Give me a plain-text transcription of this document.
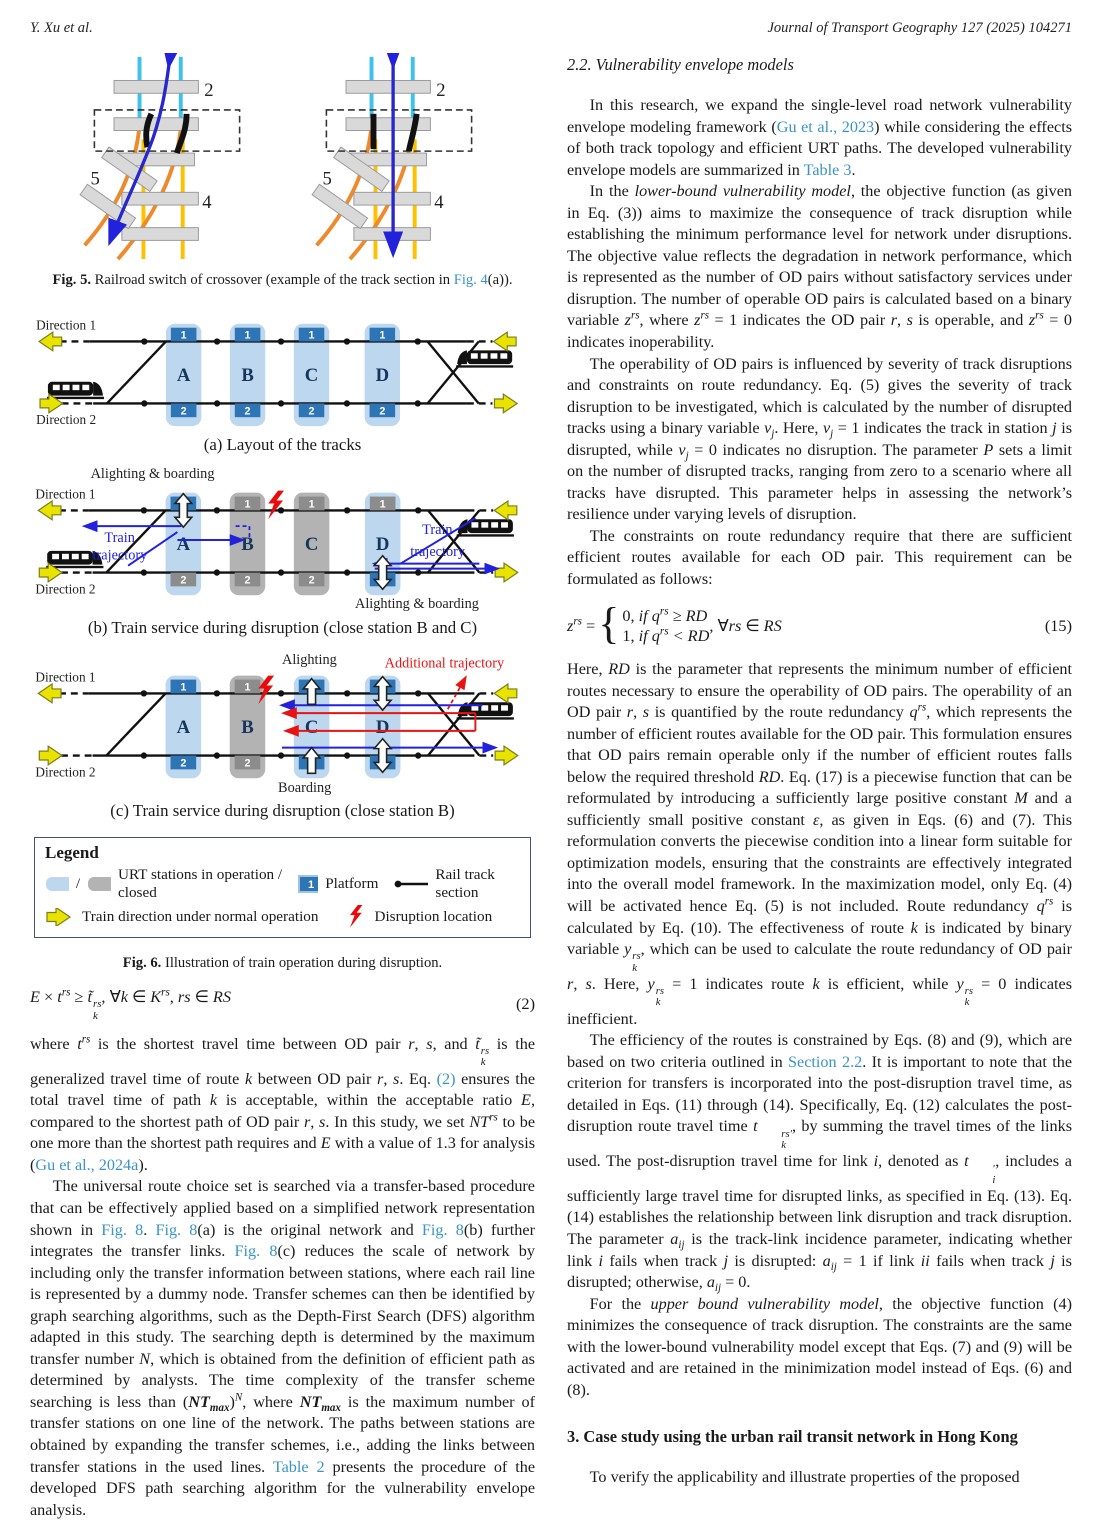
Y. Xu et al.	Journal of Transport Geography 127 (2025) 104271
2
5
4
2
5
4
Fig. 5. Railroad switch of crossover (example of the track section in Fig. 4(a)).
1	1	1	1
2	2	2	2
A	B	C	D
Direction 1
Direction 2
(a) Layout of the tracks
1	1	1
2	2	2
A	B	C	D
Alighting & boarding
Alighting & boarding
Train
trajectory
Train
trajectory
Direction 1
Direction 2
(b) Train service during disruption (close station B and C)
1	1
2	2
A	B	C	D
Alighting
Boarding
Additional trajectory
Direction 1
Direction 2
(c) Train service during disruption (close station B)
Legend
/
URT stations in operation / closed	1 Platform
Rail track section
Train direction under normal operation	Disruption location
Fig. 6. Illustration of train operation during disruption.
$E \times t^{rs}$ ≥ t̃ rs
k
, ∀k ∈ $K^{rs}$, rs ∈ RS	(2)

where $t^{rs}$ is the shortest travel time between OD pair r, s, and t̃ rs
k
is the generalized travel time of route k between OD pair r, s. Eq. (2) ensures the total travel time of path k is acceptable, within the acceptable ratio E, compared to the shortest path of OD pair r, s. In this study, we set $NT^{rs}$ to be one more than the shortest path requires and E with a value of 1.3 for analysis (Gu et al., 2024a).

The universal route choice set is searched via a transfer-based procedure that can be effectively applied based on a simplified network representation shown in Fig. 8. Fig. 8(a) is the original network and Fig. 8(b) further integrates the transfer links. Fig. 8(c) reduces the scale of network by including only the transfer information between stations, where each rail line is represented by a dummy node. Transfer schemes can then be identified by graph searching algorithms, such as the Depth-First Search (DFS) algorithm adapted in this study. The searching depth is determined by the maximum transfer number N, which is obtained from the definition of efficient path as determined by analysts. The time complexity of the transfer scheme searching is less than $(NT_{max})^N$, where $NT_{max}$ is the maximum number of transfer stations on one line of the network. The paths between stations are obtained by expanding the transfer schemes, i.e., adding the links between transfer stations in the used lines. Table 2 presents the procedure of the developed DFS path searching algorithm for the vulnerability envelope analysis.

2.2. Vulnerability envelope models

In this research, we expand the single-level road network vulnerability envelope modeling framework (Gu et al., 2023) while considering the effects of both track topology and efficient URT paths. The developed vulnerability envelope models are summarized in Table 3.

In the lower-bound vulnerability model, the objective function (as given in Eq. (3)) aims to maximize the consequence of track disruption while establishing the minimum performance level for network under disruptions. The objective value reflects the degradation in network performance, which is represented as the number of OD pairs without satisfactory services under disruption. The number of operable OD pairs is calculated based on a binary variable $z^{rs}$, where $z^{rs} = 1$ indicates the OD pair r, s is operable, and $z^{rs} = 0$ indicates inoperability.

The operability of OD pairs is influenced by severity of track disruptions and constraints on route redundancy. Eq. (5) gives the severity of track disruption to be investigated, which is calculated by the number of disrupted tracks using a binary variable $v_j$. Here, $v_j = 1$ indicates the track in station j is disrupted, while $v_j = 0$ indicates no disruption. The parameter P sets a limit on the number of disrupted tracks, ranging from zero to a scenario where all tracks have disrupted. This parameter helps in assessing the network’s resilience under varying levels of disruption.

The constraints on route redundancy require that there are sufficient efficient routes available for each OD pair. This requirement can be formulated as follows:

$z^{rs}$ = { 0, if $q^{rs}$ ≥ RD
1, if $q^{rs}$ < RD
, ∀rs ∈ RS	(15)

Here, RD is the parameter that represents the minimum number of efficient routes necessary to ensure the operability of OD pairs. The operability of an OD pair r, s is quantified by the route redundancy $q^{rs}$, which represents the number of efficient routes available for the OD pair. This formulation ensures that OD pairs remain operable only if the number of efficient routes falls below the required threshold RD. Eq. (17) is a piecewise function that can be reformulated by introducing a sufficiently large positive constant M and a sufficiently small positive constant ε, as given in Eqs. (6) and (7). This reformulation converts the piecewise condition into a linear form suitable for optimization models, ensuring that the constraints are effectively integrated into the overall model framework. In the maximization model, only Eq. (4) will be activated hence Eq. (5) is not included. Route redundancy $q^{rs}$ is calculated by Eq. (10). The effectiveness of route k is indicated by binary variable y rs
k
, which can be used to calculate the route redundancy of OD pair r, s. Here, y rs
k
= 1 indicates route k is efficient, while y rs
k
= 0 indicates inefficient.

The efficiency of the routes is constrained by Eqs. (8) and (9), which are based on two criteria outlined in Section 2.2. It is important to note that the criterion for transfers is incorporated into the post-disruption travel time, as detailed in Eqs. (11) through (14). Specifically, Eq. (12) calculates the post-disruption route travel time t	rs′
k
, by summing the travel times of the links used. The post-disruption travel time for link i, denoted as t	′
i
, includes a sufficiently large travel time for disrupted links, as specified in Eq. (13). Eq. (14) establishes the relationship between link disruption and track disruption. The parameter $a_{ij}$ is the track-link incidence parameter, indicating whether link i fails when track j is disrupted: $a_{ij} = 1$ if link ii fails when track j is disrupted; otherwise, $a_{ij} = 0$.

For the upper bound vulnerability model, the objective function (4) minimizes the consequence of track disruption. The constraints are the same with the lower-bound vulnerability model except that Eqs. (7) and (9) will be activated and are retained in the minimization model instead of Eqs. (6) and (8).

3. Case study using the urban rail transit network in Hong Kong

To verify the applicability and illustrate properties of the proposed
